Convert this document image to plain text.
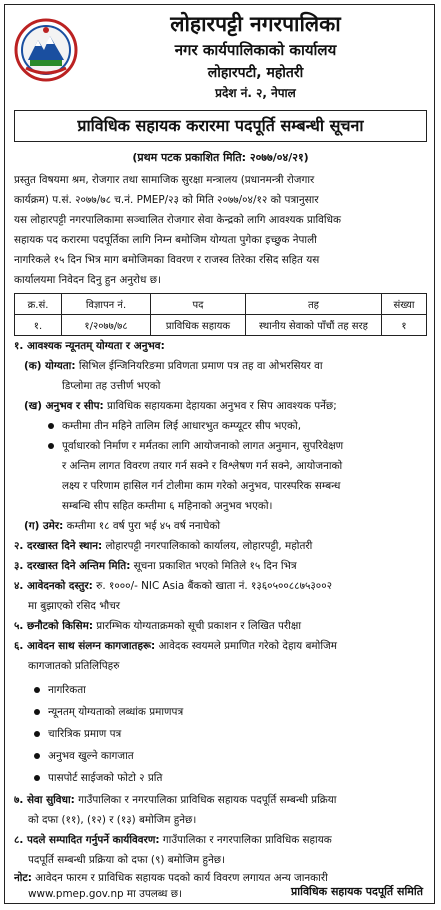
लोहारपट्टी नगरपालिका
नगर कार्यपालिकाको कार्यालय
लोहारपटी, महोतरी
प्रदेश नं. २, नेपाल
प्राविधिक सहायक करारमा पदपूर्ति सम्बन्धी सूचना
(प्रथम पटक प्रकाशित मिति: २०७७/०४/२१)
प्रस्तुत विषयमा श्रम, रोजगार तथा सामाजिक सुरक्षा मन्त्रालय (प्रधानमन्त्री रोजगार
कार्यक्रम) प.सं. २०७७/७८ च.नं. PMEP/२३ को मिति २०७७/०४/१२ को पत्रानुसार
यस लोहारपट्टी नगरपालिकामा सञ्चालित रोजगार सेवा केन्द्रको लागि आवश्यक प्राविधिक
सहायक पद करारमा पदपूर्तिका लागि निम्न बमोजिम योग्यता पुगेका इच्छुक नेपाली
नागरिकले १५ दिन भित्र माग बमोजिमका विवरण र राजस्व तिरेका रसिद सहित यस
कार्यालयमा निवेदन दिनु हुन अनुरोध छ।
क्र.सं.	विज्ञापन नं.	पद	तह	संख्या
१.	१/२०७७/७८	प्राविधिक सहायक	स्थानीय सेवाको पाँचौं तह सरह	१
१. आवश्यक न्यूनतम् योग्यता र अनुभव:
(क) योग्यता: सिभिल ईन्जिनियरिङमा प्रविणता प्रमाण पत्र तह वा ओभरसियर वा
डिप्लोमा तह उत्तीर्ण भएको
(ख) अनुभव र सीप: प्राविधिक सहायकमा देहायका अनुभव र सिप आवश्यक पर्नेछ;
कम्तीमा तीन महिने तालिम लिई आधारभुत कम्प्यूटर सीप भएको,
पूर्वाधारको निर्माण र मर्मतका लागि आयोजनाको लागत अनुमान, सुपरिवेक्षण
र अन्तिम लागत विवरण तयार गर्न सक्ने र विश्लेषण गर्न सक्ने, आयोजनाको
लक्ष्य र परिणाम हासिल गर्न टोलीमा काम गरेको अनुभव, पारस्परिक सम्बन्ध
सम्बन्धि सीप सहित कम्तीमा ६ महिनाको अनुभव भएको।
(ग) उमेर: कम्तीमा १८ वर्ष पुरा भई ४५ वर्ष ननाघेको
२. दरखास्त दिने स्थान: लोहारपट्टी नगरपालिकाको कार्यालय, लोहारपट्टी, महोतरी
३. दरखास्त दिने अन्तिम मिति: सूचना प्रकाशित भएको मितिले १५ दिन भित्र
४. आवेदनको दस्तुर: रु. १०००/- NIC Asia बैंकको खाता नं. १३६०५००८८७५३००२
मा बुझाएको रसिद भौचर
५. छनौटको किसिम: प्रारम्भिक योग्यताक्रमको सूची प्रकाशन र लिखित परीक्षा
६. आवेदन साथ संलग्न कागजातहरू: आवेदक स्वयमले प्रमाणित गरेको देहाय बमोजिम
कागजातको प्रतिलिपिहरु
नागरिकता
न्यूनतम् योग्यताको लब्धांक प्रमाणपत्र
चारित्रिक प्रमाण पत्र
अनुभव खुल्ने कागजात
पासपोर्ट साईजको फोटो २ प्रति
७. सेवा सुविधा: गाउँपालिका र नगरपालिका प्राविधिक सहायक पदपूर्ति सम्बन्धी प्रक्रिया
को दफा (११), (१२) र (१३) बमोजिम हुनेछ।
८. पदले सम्पादित गर्नुपर्ने कार्यविवरण: गाउँपालिका र नगरपालिका प्राविधिक सहायक
पदपूर्ति सम्बन्धी प्रक्रिया को दफा (९) बमोजिम हुनेछ।
नोट: आवेदन फारम र प्राविधिक सहायक पदको कार्य विवरण लगायत अन्य जानकारी
www.pmep.gov.np मा उपलब्ध छ।	प्राविधिक सहायक पदपूर्ति समिति
